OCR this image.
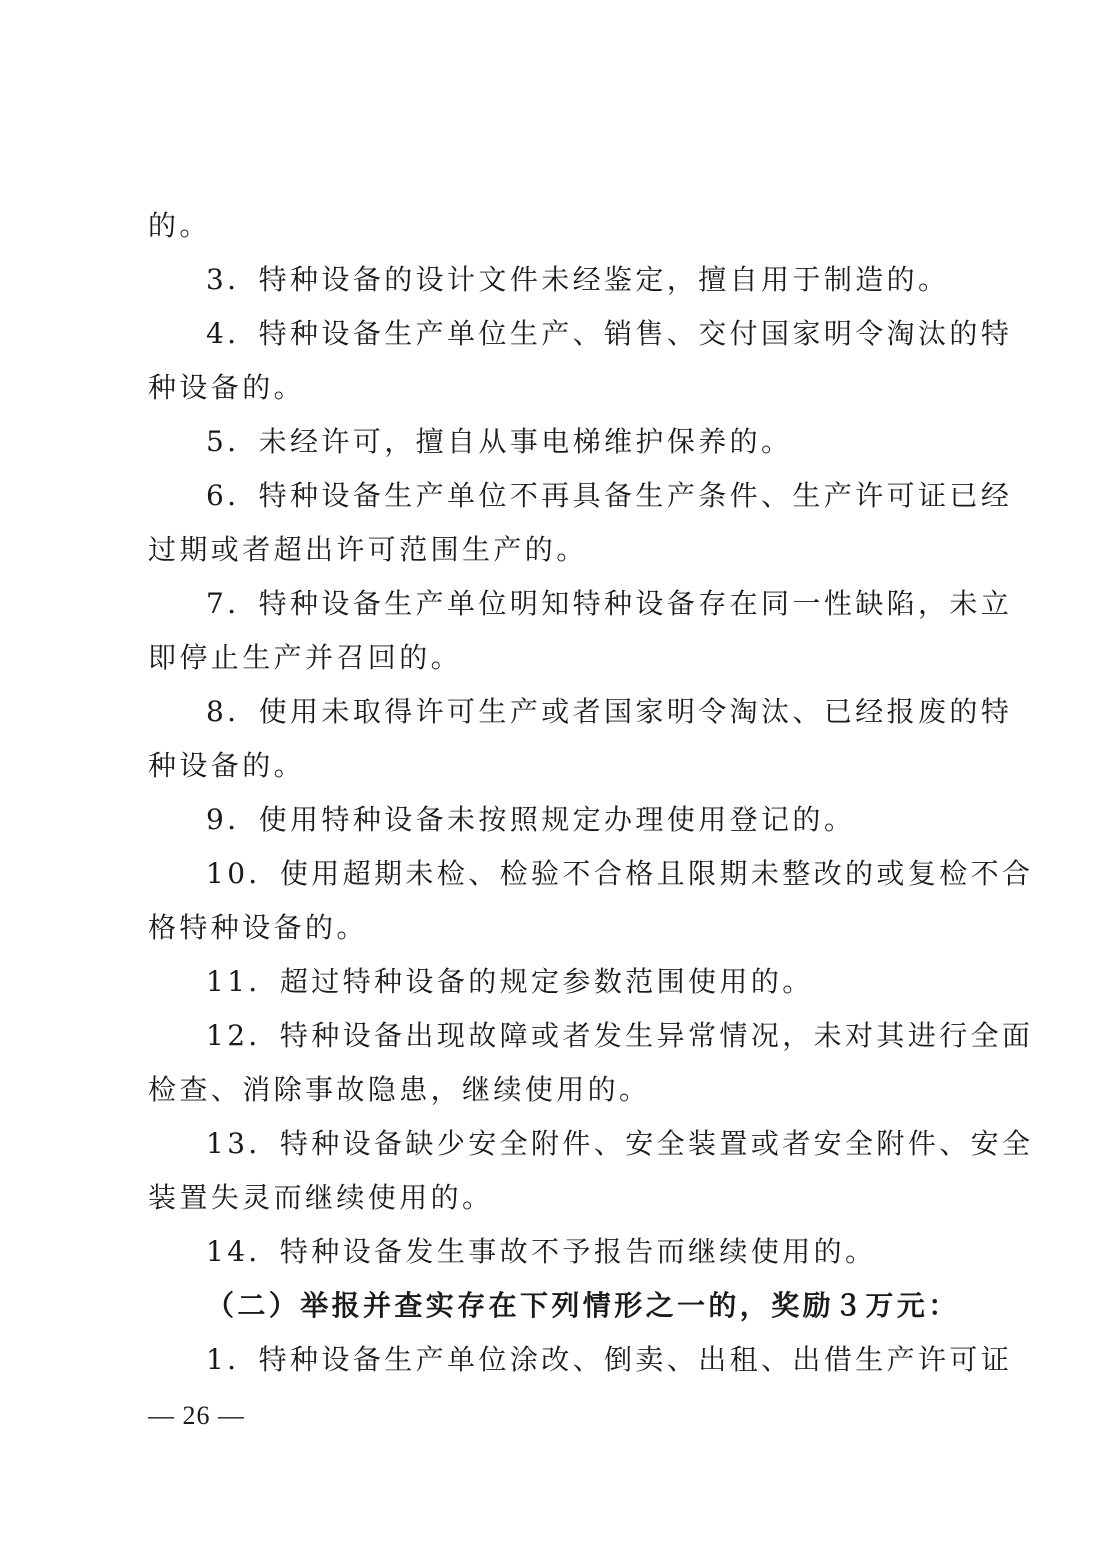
的。
3．特种设备的设计文件未经鉴定，擅自用于制造的。
4．特种设备生产单位生产、销售、交付国家明令淘汰的特
种设备的。
5．未经许可，擅自从事电梯维护保养的。
6．特种设备生产单位不再具备生产条件、生产许可证已经
过期或者超出许可范围生产的。
7．特种设备生产单位明知特种设备存在同一性缺陷，未立
即停止生产并召回的。
8．使用未取得许可生产或者国家明令淘汰、已经报废的特
种设备的。
9．使用特种设备未按照规定办理使用登记的。
10．使用超期未检、检验不合格且限期未整改的或复检不合
格特种设备的。
11．超过特种设备的规定参数范围使用的。
12．特种设备出现故障或者发生异常情况，未对其进行全面
检查、消除事故隐患，继续使用的。
13．特种设备缺少安全附件、安全装置或者安全附件、安全
装置失灵而继续使用的。
14．特种设备发生事故不予报告而继续使用的。
（二）举报并查实存在下列情形之一的，奖励３万元：
1．特种设备生产单位涂改、倒卖、出租、出借生产许可证
— 26 —
